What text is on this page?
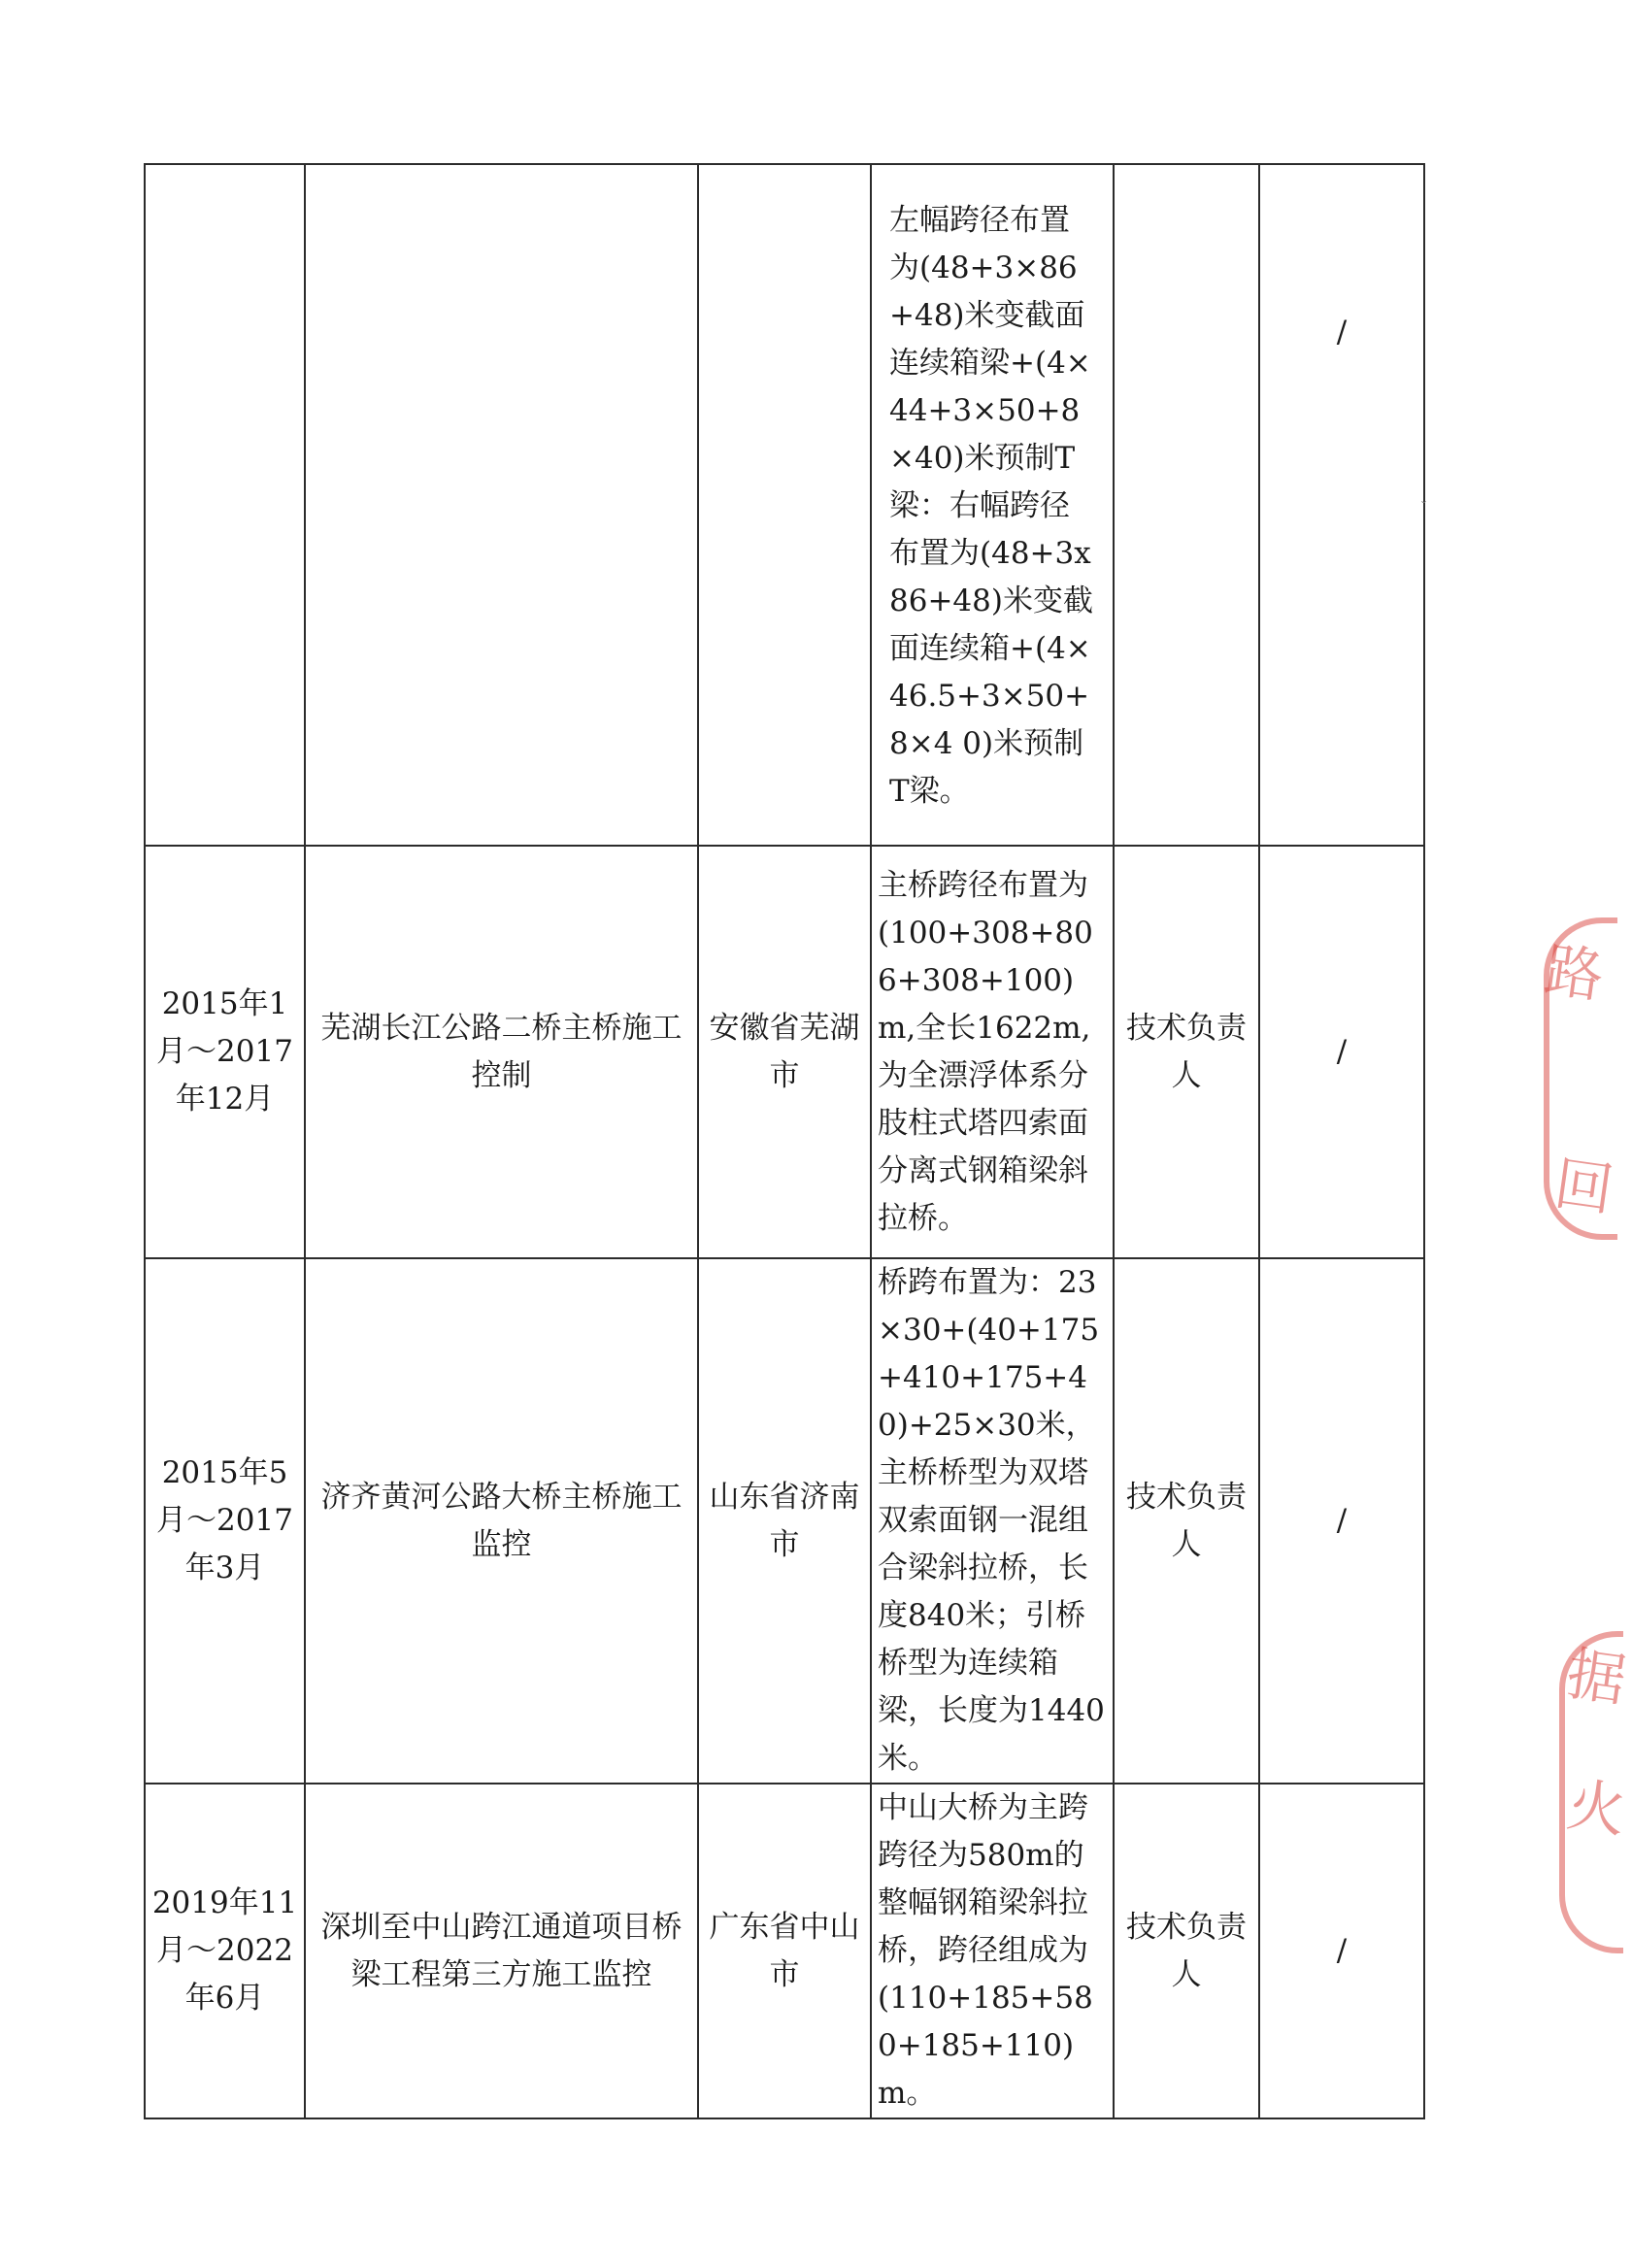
			左幅跨径布置为(48+3×86+48)米变截面连续箱梁+(4×44+3×50+8×40)米预制T梁：右幅跨径布置为(48+3x86+48)米变截面连续箱+(4×46.5+3×50+8×4 0)米预制T梁。		/
2015年1月～2017年12月	芜湖长江公路二桥主桥施工控制	安徽省芜湖市	主桥跨径布置为(100+308+806+308+100)m,全长1622m,为全漂浮体系分肢柱式塔四索面分离式钢箱梁斜拉桥。	技术负责人	/
2015年5月～2017年3月	济齐黄河公路大桥主桥施工监控	山东省济南市	桥跨布置为：23×30+(40+175+410+175+40)+25×30米，主桥桥型为双塔双索面钢一混组合梁斜拉桥，长度840米；引桥桥型为连续箱梁，长度为1440米。	技术负责人	/
2019年11月～2022年6月	深圳至中山跨江通道项目桥梁工程第三方施工监控	广东省中山市	中山大桥为主跨跨径为580m的整幅钢箱梁斜拉桥，跨径组成为(110+185+580+185+110)m。	技术负责人	/
˘
路
回
据
火
